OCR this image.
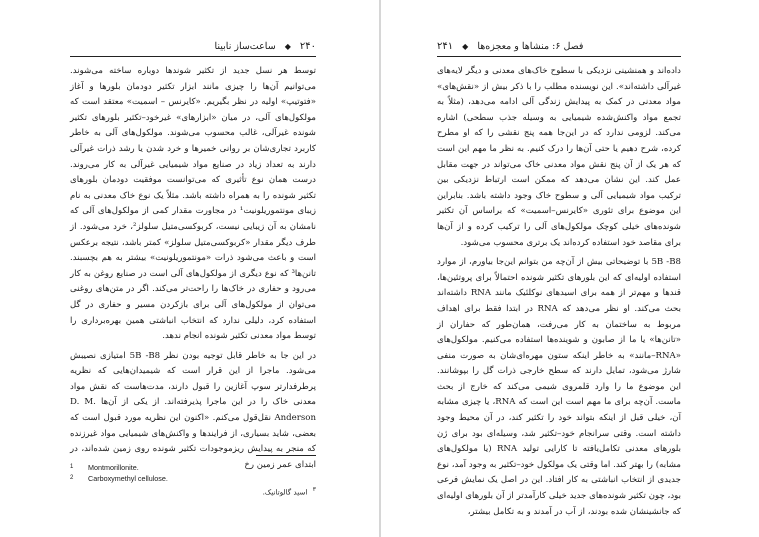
۲۴۰ ◆ ساعت‌ساز نابینا

توسط هر نسل جدید از تکثیر شوندها دوباره ساخته می‌شوند. می‌توانیم آن‌ها را چیزی مانند ابزار تکثیر دودمان بلورها و آغاز «فتوتیپ» اولیه در نظر بگیریم. «کایرنس – اسمیت» معتقد است که مولکول‌های آلی، در میان «ابزارهای» غیرخود–تکثیر بلورهای تکثیر شونده غیرآلی، غالب محسوب می‌شوند. مولکول‌های آلی به خاطر کاربرد تجاری‌شان بر روانی خمیرها و خرد شدن یا رشد ذرات غیرآلی دارند به تعداد زیاد در صنایع مواد شیمیایی غیرآلی به کار می‌روند. درست همان نوع تأثیری که می‌توانست موفقیت دودمان بلورهای تکثیر شونده را به همراه داشته باشد. مثلاً یک نوع خاک معدنی به نام زیبای مونتموریلونیت¹ در مجاورت مقدار کمی از مولکول‌های آلی که نامشان به آن زیبایی نیست، کربوکسی‌متیل سلولز²، خرد می‌شود. از طرف دیگر مقدار «کربوکسی‌متیل سلولز» کمتر باشد، نتیجه برعکس است و باعث می‌شود ذرات «مونتموریلونیت» بیشتر به هم بچسبند. تانن‌ها³ که نوع دیگری از مولکول‌های آلی است در صنایع روغن به کار می‌رود و حفاری در خاک‌ها را راحت‌تر می‌کند. اگر در متن‌های روغنی می‌توان از مولکول‌های آلی برای بازکردن مسیر و حفاری در گل استفاده کرد، دلیلی ندارد که انتخاب انباشتی همین بهره‌برداری را توسط مواد معدنی تکثیر شونده انجام ندهد.

در این جا به خاطر قابل توجیه بودن نظر ‎5B‎ -B8 امتیازی نصیبش می‌شود. ماجرا از این قرار است که شیمیدان‌هایی که نظریه پرطرفدارتر سوپ آغازین را قبول دارند، مدت‌هاست که نقش مواد معدنی خاک را در این ماجرا پذیرفته‌اند. از یکی از آن‌ها D. M. Anderson نقل‌قول می‌کنم. «اکنون این نظریه مورد قبول است که بعضی، شاید بسیاری، از فرایندها و واکنش‌های شیمیایی مواد غیرزنده که منجر به پیدایش ریزموجودات تکثیر شونده روی زمین شده‌اند، در ابتدای عمر زمین رخ

1	Montmorillonite.
2	Carboxymethyl cellulose.
$^۳$ اسید گالوتانیک.
فصل ۶: منشاها و معجزه‌ها ◆ ۲۴۱

داده‌اند و همنشینی نزدیکی با سطوح خاک‌های معدنی و دیگر لایه‌های غیرآلی داشته‌اند». این نویسنده مطلب را با ذکر بیش از «نقش‌های» مواد معدنی در کمک به پیدایش زندگی آلی ادامه می‌دهد، (مثلاً به تجمع مواد واکنش‌شده شیمیایی به وسیله جذب سطحی) اشاره می‌کند. لزومی ندارد که در این‌جا همه پنج نقشی را که او مطرح کرده، شرح دهیم یا حتی آن‌ها را درک کنیم. به نظر ما مهم این است که هر یک از آن پنج نقش مواد معدنی خاک می‌تواند در جهت مقابل عمل کند. این نشان می‌دهد که ممکن است ارتباط نزدیکی بین ترکیب مواد شیمیایی آلی و سطوح خاک وجود داشته باشد. بنابراین این موضوع برای تئوری «کایرنس–اسمیت» که براساس آن تکثیر شونده‌های خیلی کوچک مولکول‌های آلی را ترکیب کرده و از آن‌ها برای مقاصد خود استفاده کرده‌اند یک برتری محسوب می‌شود.

5B -B8 با توضیحاتی بیش از آن‌چه من بتوانم این‌جا بیاورم، از موارد استفاده اولیه‌ای که این بلورهای تکثیر شونده احتمالاً برای پروتئین‌ها، قندها و مهم‌تر از همه برای اسیدهای نوکلئیک مانند RNA داشته‌اند بحث می‌کند. او نظر می‌دهد که RNA در ابتدا فقط برای اهداف مربوط به ساختمان به کار می‌رفت، همان‌طور که حفاران از «تانن‌ها» یا ما از صابون و شوینده‌ها استفاده می‌کنیم. مولکول‌های «RNA–مانند» به خاطر اینکه ستون مهره‌ای‌شان به صورت منفی شارژ می‌شود، تمایل دارند که سطح خارجی ذرات گل را بپوشانند. این موضوع ما را وارد قلمروی شیمی می‌کند که خارج از بحث ماست. آن‌چه برای ما مهم است این است که RNA، یا چیزی مشابه آن، خیلی قبل از اینکه بتواند خود را تکثیر کند، در آن محیط وجود داشته است. وقتی سرانجام خود–تکثیر شد، وسیله‌ای بود برای ژن بلورهای معدنی تکامل‌یافته تا کارایی تولید RNA (یا مولکول‌های مشابه) را بهتر کند. اما وقتی یک مولکول خود–تکثیر به وجود آمد، نوع جدیدی از انتخاب انباشتی به کار افتاد. این در اصل یک نمایش فرعی بود، چون تکثیر شونده‌های جدید خیلی کارآمدتر از آن بلورهای اولیه‌ای که جانشینشان شده بودند، از آب در آمدند و به تکامل بیشتر،
